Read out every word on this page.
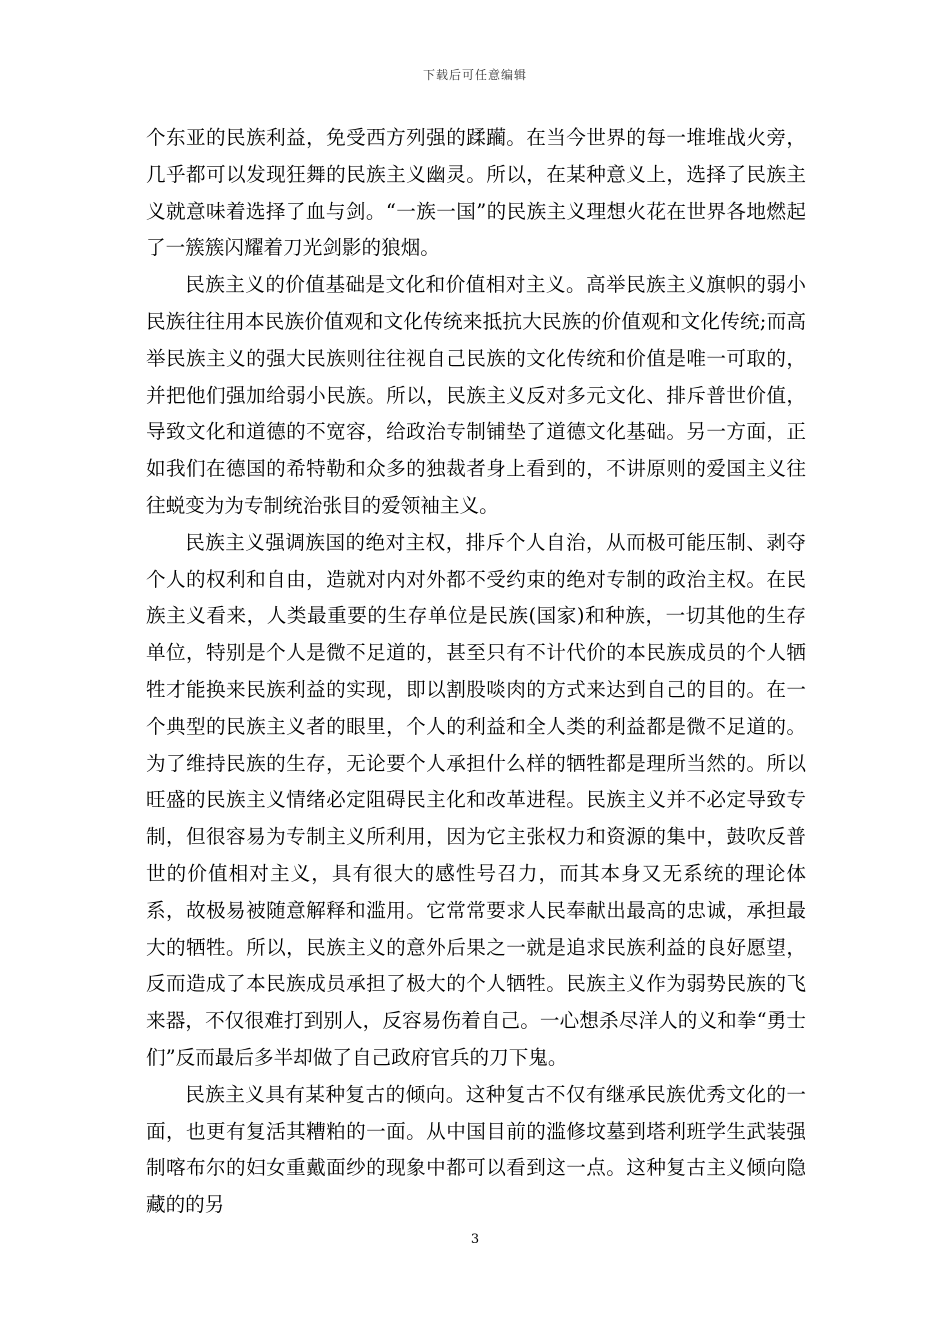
下载后可任意编辑

个东亚的民族利益，免受西方列强的蹂躏。在当今世界的每一堆堆战火旁，几乎都可以发现狂舞的民族主义幽灵。所以，在某种意义上，选择了民族主义就意味着选择了血与剑。“一族一国”的民族主义理想火花在世界各地燃起了一簇簇闪耀着刀光剑影的狼烟。

民族主义的价值基础是文化和价值相对主义。高举民族主义旗帜的弱小民族往往用本民族价值观和文化传统来抵抗大民族的价值观和文化传统;而高举民族主义的强大民族则往往视自己民族的文化传统和价值是唯一可取的，并把他们强加给弱小民族。所以，民族主义反对多元文化、排斥普世价值，导致文化和道德的不宽容，给政治专制铺垫了道德文化基础。另一方面，正如我们在德国的希特勒和众多的独裁者身上看到的，不讲原则的爱国主义往往蜕变为为专制统治张目的爱领袖主义。

民族主义强调族国的绝对主权，排斥个人自治，从而极可能压制、剥夺个人的权利和自由，造就对内对外都不受约束的绝对专制的政治主权。在民族主义看来，人类最重要的生存单位是民族(国家)和种族，一切其他的生存单位，特别是个人是微不足道的，甚至只有不计代价的本民族成员的个人牺牲才能换来民族利益的实现，即以割股啖肉的方式来达到自己的目的。在一个典型的民族主义者的眼里，个人的利益和全人类的利益都是微不足道的。为了维持民族的生存，无论要个人承担什么样的牺牲都是理所当然的。所以旺盛的民族主义情绪必定阻碍民主化和改革进程。民族主义并不必定导致专制，但很容易为专制主义所利用，因为它主张权力和资源的集中，鼓吹反普世的价值相对主义，具有很大的感性号召力，而其本身又无系统的理论体系，故极易被随意解释和滥用。它常常要求人民奉献出最高的忠诚，承担最大的牺牲。所以，民族主义的意外后果之一就是追求民族利益的良好愿望，反而造成了本民族成员承担了极大的个人牺牲。民族主义作为弱势民族的飞来器，不仅很难打到别人，反容易伤着自己。一心想杀尽洋人的义和拳“勇士们”反而最后多半却做了自己政府官兵的刀下鬼。

民族主义具有某种复古的倾向。这种复古不仅有继承民族优秀文化的一面，也更有复活其糟粕的一面。从中国目前的滥修坟墓到塔利班学生武装强制喀布尔的妇女重戴面纱的现象中都可以看到这一点。这种复古主义倾向隐藏的的另

3
